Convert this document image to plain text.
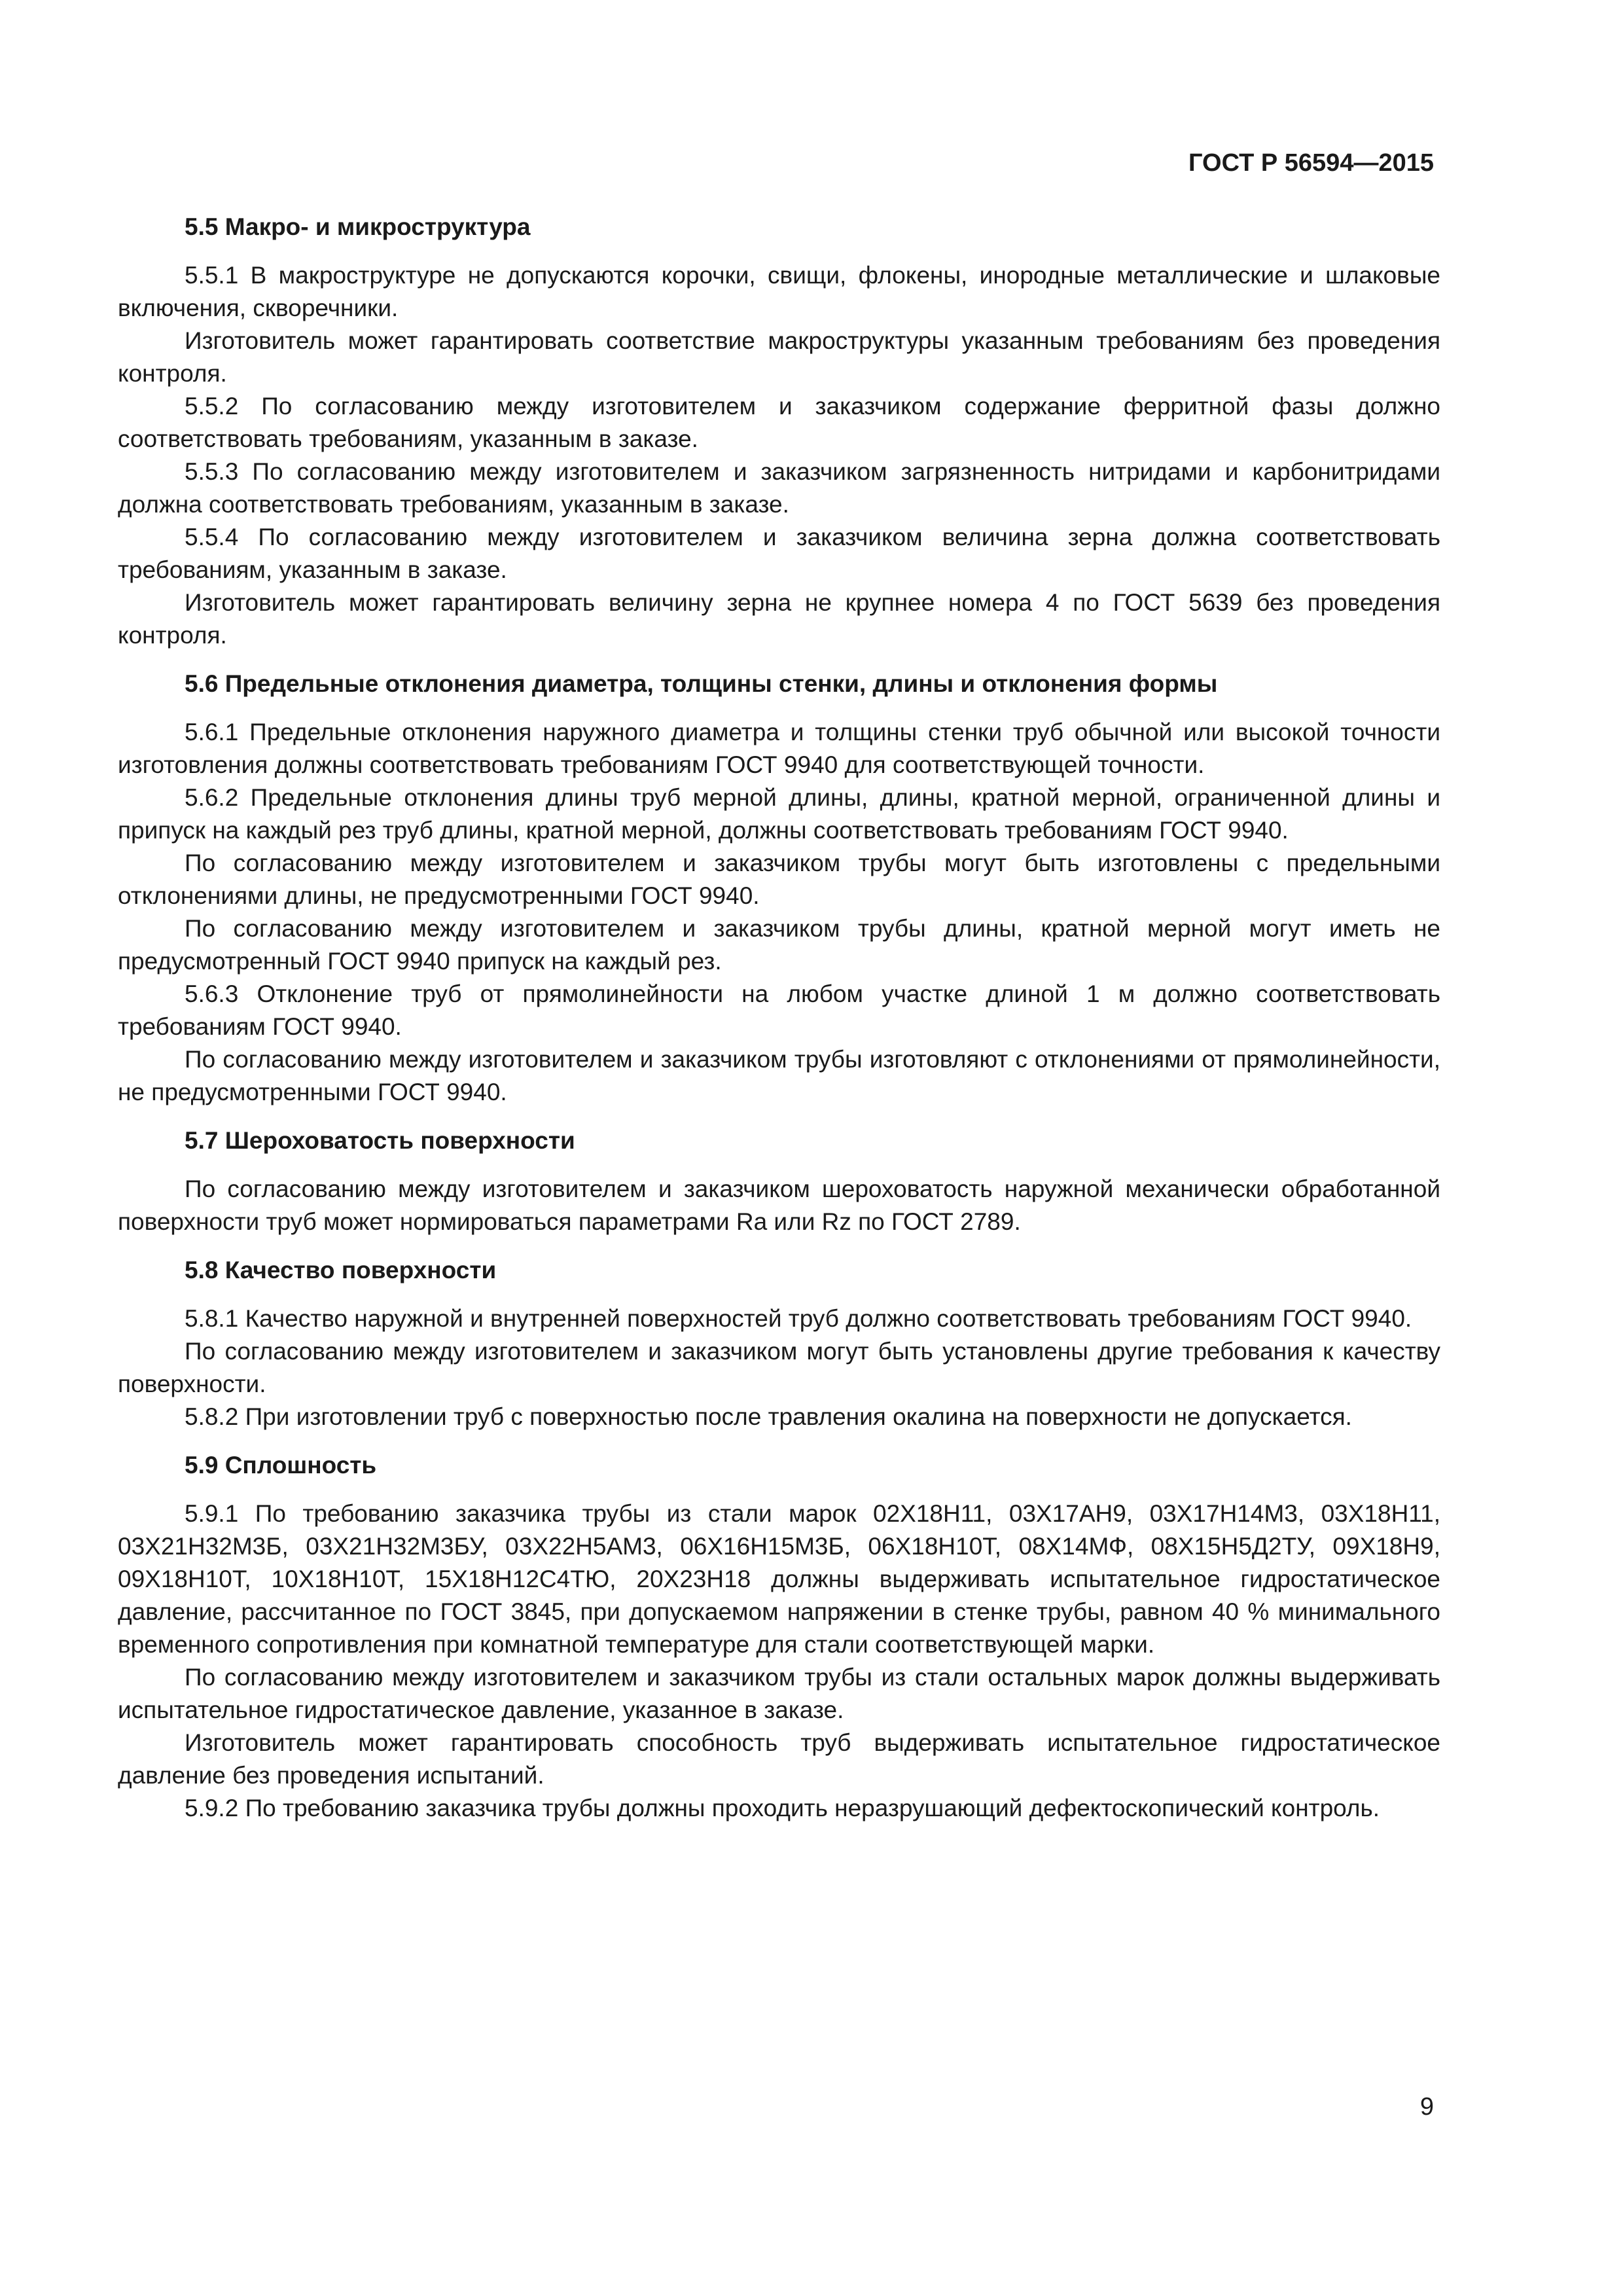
ГОСТ Р 56594—2015

5.5 Макро- и микроструктура

5.5.1 В макроструктуре не допускаются корочки, свищи, флокены, инородные металлические и шлаковые включения, скворечники.

Изготовитель может гарантировать соответствие макроструктуры указанным требованиям без проведения контроля.

5.5.2 По согласованию между изготовителем и заказчиком содержание ферритной фазы должно соответствовать требованиям, указанным в заказе.

5.5.3 По согласованию между изготовителем и заказчиком загрязненность нитридами и карбонитридами должна соответствовать требованиям, указанным в заказе.

5.5.4 По согласованию между изготовителем и заказчиком величина зерна должна соответствовать требованиям, указанным в заказе.

Изготовитель может гарантировать величину зерна не крупнее номера 4 по ГОСТ 5639 без проведения контроля.

5.6 Предельные отклонения диаметра, толщины стенки, длины и отклонения формы

5.6.1 Предельные отклонения наружного диаметра и толщины стенки труб обычной или высокой точности изготовления должны соответствовать требованиям ГОСТ 9940 для соответствующей точности.

5.6.2 Предельные отклонения длины труб мерной длины, длины, кратной мерной, ограниченной длины и припуск на каждый рез труб длины, кратной мерной, должны соответствовать требованиям ГОСТ 9940.

По согласованию между изготовителем и заказчиком трубы могут быть изготовлены с предельными отклонениями длины, не предусмотренными ГОСТ 9940.

По согласованию между изготовителем и заказчиком трубы длины, кратной мерной могут иметь не предусмотренный ГОСТ 9940 припуск на каждый рез.

5.6.3 Отклонение труб от прямолинейности на любом участке длиной 1 м должно соответствовать требованиям ГОСТ 9940.

По согласованию между изготовителем и заказчиком трубы изготовляют с отклонениями от прямолинейности, не предусмотренными ГОСТ 9940.

5.7 Шероховатость поверхности

По согласованию между изготовителем и заказчиком шероховатость наружной механически обработанной поверхности труб может нормироваться параметрами Ra или Rz по ГОСТ 2789.

5.8 Качество поверхности

5.8.1 Качество наружной и внутренней поверхностей труб должно соответствовать требованиям ГОСТ 9940.

По согласованию между изготовителем и заказчиком могут быть установлены другие требования к качеству поверхности.

5.8.2 При изготовлении труб с поверхностью после травления окалина на поверхности не допускается.

5.9 Сплошность

5.9.1 По требованию заказчика трубы из стали марок 02Х18Н11, 03Х17АН9, 03Х17Н14М3, 03Х18Н11, 03Х21Н32М3Б, 03Х21Н32М3БУ, 03Х22Н5АМ3, 06Х16Н15М3Б, 06Х18Н10Т, 08Х14МФ, 08Х15Н5Д2ТУ, 09Х18Н9, 09Х18Н10Т, 10Х18Н10Т, 15Х18Н12С4ТЮ, 20Х23Н18 должны выдерживать испытательное гидростатическое давление, рассчитанное по ГОСТ 3845, при допускаемом напряжении в стенке трубы, равном 40 % минимального временного сопротивления при комнатной температуре для стали соответствующей марки.

По согласованию между изготовителем и заказчиком трубы из стали остальных марок должны выдерживать испытательное гидростатическое давление, указанное в заказе.

Изготовитель может гарантировать способность труб выдерживать испытательное гидростатическое давление без проведения испытаний.

5.9.2 По требованию заказчика трубы должны проходить неразрушающий дефектоскопический контроль.

9
